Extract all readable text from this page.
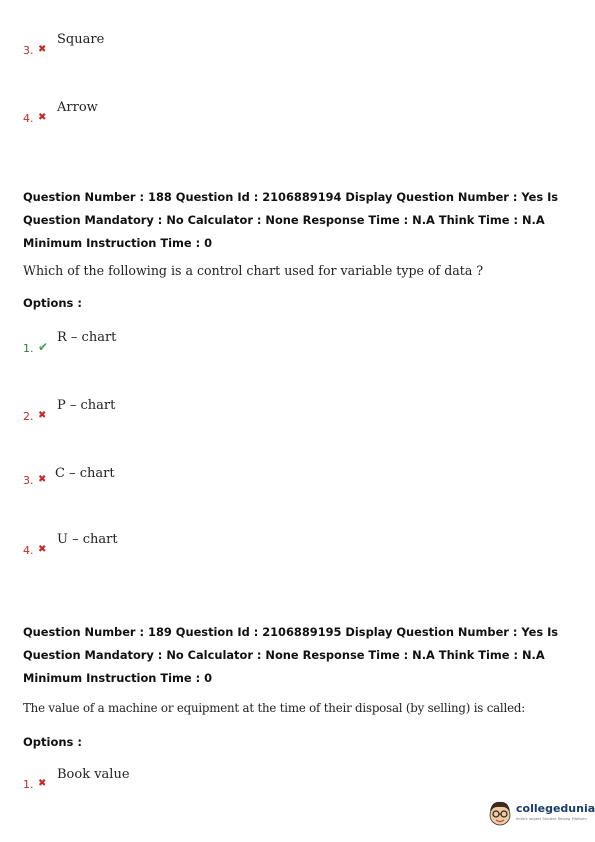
3. ✖
Square
4. ✖
Arrow
Question Number : 188 Question Id : 2106889194 Display Question Number : Yes Is Question Mandatory : No Calculator : None Response Time : N.A Think Time : N.A Minimum Instruction Time : 0
Which of the following is a control chart used for variable type of data ?
Options :
1. ✔
R – chart
2. ✖
P – chart
3. ✖ C – chart
4. ✖
U – chart
Question Number : 189 Question Id : 2106889195 Display Question Number : Yes Is Question Mandatory : No Calculator : None Response Time : N.A Think Time : N.A Minimum Instruction Time : 0
The value of a machine or equipment at the time of their disposal (by selling) is called:
Options :
1. ✖
Book value
collegedunia
India's largest Student Review Platform
